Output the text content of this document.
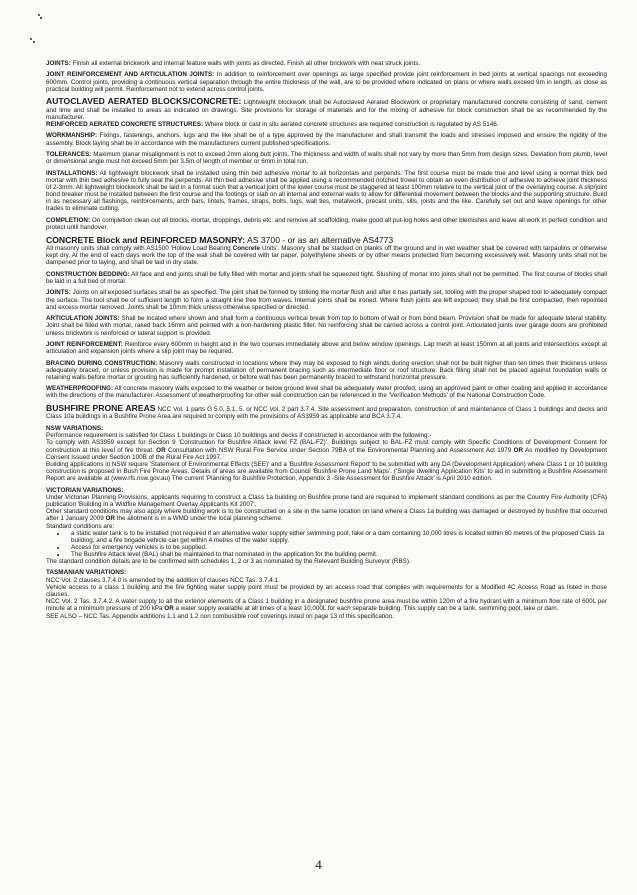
JOINTS: Finish all external brickwork and internal feature walls with joints as directed. Finish all other brickwork with neat struck joints.

JOINT REINFORCEMENT AND ARTICULATION JOINTS: In addition to reinforcement over openings as large specified provide joint reinforcement in bed joints at vertical spacings not exceeding 600mm. Control joints, providing a continuous vertical separation through the entire thickness of the wall, are to be provided where indicated on plans or where walls exceed 9m in length, as close as practical building will permit. Reinforcement not to extend across control joints.

AUTOCLAVED AERATED BLOCKS/CONCRETE: Lightweight blockwork shall be Autoclaved Aerated Blockwork or proprietary manufactured concrete consisting of sand, cement and lime and shall be installed to areas as indicated on drawings. Site provisions for storage of materials and for the mixing of adhesive for block construction shall be as recommended by the manufacturer.

REINFORCED AERATED CONCRETE STRUCTURES: Where block or cast in situ aerated concrete structures are required construction is regulated by AS 5146.

WORKMANSHIP: Fixings, fastenings, anchors, lugs and the like shall be of a type approved by the manufacturer and shall transmit the loads and stresses imposed and ensure the rigidity of the assembly. Block laying shall be in accordance with the manufacturers current published specifications.

TOLERANCES: Maximum planar misalignment is not to exceed 2mm along butt joints. The thickness and width of walls shall not vary by more than 5mm from design sizes. Deviation from plumb, level or dimensional angle must not exceed 5mm per 3.5m of length of member or 6mm in total run.

INSTALLATIONS: All lightweight blockwork shall be installed using thin bed adhesive mortar to all horizontals and perpends. The first course must be made true and level using a normal thick bed mortar with thin bed adhesive to fully seal the perpends. All thin bed adhesive shall be applied using a recommended notched trowel to obtain an even distribution of adhesive to achieve joint thickness of 2-3mm. All lightweight blockwork shall be laid in a format such that a vertical joint of the lower course must be staggered at least 100mm relative to the vertical joint of the overlaying course. A slip/joint bond breaker must be installed between the first course and the footings or slab on all internal and external walls to allow for differential movement between the blocks and the supporting structure. Build in as necessary all flashings, reinforcements, arch bars, lintels, frames, straps, bolts, lugs, wall ties, metalwork, precast units, sills, joists and the like. Carefully set out and leave openings for other trades to eliminate cutting.

COMPLETION: On completion clean out all blocks, mortar, droppings, debris etc. and remove all scaffolding, make good all put-log holes and other blemishes and leave all work in perfect condition and protect until handover.

CONCRETE Block and REINFORCED MASONRY: AS 3700 - or as an alternative AS4773

All masonry units shall comply with AS1500 'Hollow Load Bearing Concrete Units'. Masonry shall be stacked on planks off the ground and in wet weather shall be covered with tarpaulins or otherwise kept dry. At the end of each days work the top of the wall shall be covered with tar paper, polyethylene sheets or by other means protected from becoming excessively wet. Masonry units shall not be dampened prior to laying, and shall be laid in dry state.

CONSTRUCTION BEDDING: All face and end joints shall be fully filled with mortar and joints shall be squeezed tight. Slushing of mortar into joints shall not be permitted. The first course of blocks shall be laid in a full bed of mortar.

JOINTS: Joints on all exposed surfaces shall be as specified. The joint shall be formed by striking the mortar flush and after it has partially set, tooling with the proper shaped tool to adequately compact the surface. The tool shall be of sufficient length to form a straight line free from waves. Internal joints shall be ironed. Where flush joints are left exposed, they shall be first compacted, then repointed and excess mortar removed. Joints shall be 10mm thick unless otherwise specified or directed.

ARTICULATION JOINTS: Shall be located where shown and shall form a continuous vertical break from top to bottom of wall or from bond beam. Provision shall be made for adequate lateral stability. Joint shall be filled with mortar, raked back 16mm and pointed with a non-hardening plastic filler. No reinforcing shall be carried across a control joint. Articulated joints over garage doors are prohibited unless brickwork is reinforced or lateral support is provided.

JOINT REINFORCEMENT: Reinforce every 600mm in height and in the two courses immediately above and below window openings. Lap mesh at least 150mm at all joints and intersections except at articulation and expansion joints where a slip joint may be required.

BRACING DURING CONSTRUCTION: Masonry walls constructed in locations where they may be exposed to high winds during erection shall not be built higher than ten times their thickness unless adequately braced, or unless provision is made for prompt installation of permanent bracing such as intermediate floor or roof structure. Back filling shall not be placed against foundation walls or retaining walls before mortar or grouting has sufficiently hardened, or before wall has been permanently braced to withstand horizontal pressure.

WEATHERPROOFING: All concrete masonry walls exposed to the weather or below ground level shall be adequately water proofed, using an approved paint or other coating and applied in accordance with the directions of the manufacturer. Assessment of weatherproofing for other wall construction can be referenced in the 'Verification Methods' of the National Construction Code.

BUSHFIRE PRONE AREAS NCC Vol. 1 parts G 5.0, 5.1, 5. or NCC Vol. 2 part 3.7.4. Site assessment and preparation, construction of and maintenance of Class 1 buildings and decks and Class 10a buildings in a Bushfire Prone Area are required to comply with the provisions of AS3959 as applicable and BCA 3.7.4.

NSW VARIATIONS:

Performance requirement is satisfied for Class 1 buildings or Class 10 buildings and decks if constructed in accordance with the following:-

To comply with AS3959 except for Section 9 'Construction for Bushfire Attack level FZ (BAL-FZ)'. Buildings subject to BAL-FZ must comply with Specific Conditions of Development Consent for construction at this level of fire threat. OR Consultation with NSW Rural Fire Service under Section 79BA of the Environmental Planning and Assessment Act 1979 OR As modified by Development Consent Issued under Section 100B of the Rural Fire Act 1997.

Building applications in NSW require 'Statement of Environmental Effects (SEE)' and a 'Bushfire Assessment Report' to be submitted with any DA (Development Application) where Class 1 or 10 building construction is proposed in Bush Fire Prone Areas. Details of areas are available from Council 'Bushfire Prone Land Maps'. ('Single dwelling Application Kits' to aid in submitting a Bushfire Assessment Report are available at (www.rfs.nsw.gov.au) The current 'Planning for Bushfire Protection, Appendix 3 -Site Assessment for Bushfire Attack' is April 2010 edition.

VICTORIAN VARIATIONS:

Under Victorian Planning Provisions, applicants requiring to construct a Class 1a building on Bushfire prone land are required to implement standard conditions as per the Country Fire Authority (CFA) publication 'Building in a Wildfire Management Overlay Applicants Kit 2007'.

Other standard conditions may also apply where building work is to be constructed on a site in the same location on land where a Class 1a building was damaged or destroyed by bushfire that occurred after 1 January 2009 OR the allotment is in a WMD under the local planning scheme.

Standard conditions are:

• a static water tank is to be installed (not required if an alternative water supply either swimming pool, lake or a dam containing 10,000 litres is located within 60 metres of the proposed Class 1a building, and a fire brigade vehicle can get within 4 metres of the water supply.
• Access for emergency vehicles is to be supplied.
• The Bushfire Attack level (BAL) shall be maintained to that nominated in the application for the building permit.

The standard condition details are to be confirmed with schedules 1, 2 or 3 as nominated by the Relevant Building Surveyor (RBS).

TASMANIAN VARIATIONS:

NCC Vol. 2 clauses 3.7.4.0 is amended by the addition of clauses NCC Tas. 3.7.4.1.

Vehicle access to a class 1 building and the fire fighting water supply point must be provided by an access road that complies with requirements for a Modified 4C Access Road as listed in those clauses.

NCC Vol. 2 Tas. 3.7.4.2. A water supply to all the exterior elements of a Class 1 building in a designated bushfire prone area must be within 120m of a fire hydrant with a minimum flow rate of 600L per minute at a minimum pressure of 200 kPa OR a water supply available at all times of a least 10,000L for each separate building. This supply can be a tank, swimming pool, lake or dam.

SEE ALSO – NCC Tas. Appendix additions 1.1 and 1.2 non combustible roof coverings listed on page 13 of this specification.

4
